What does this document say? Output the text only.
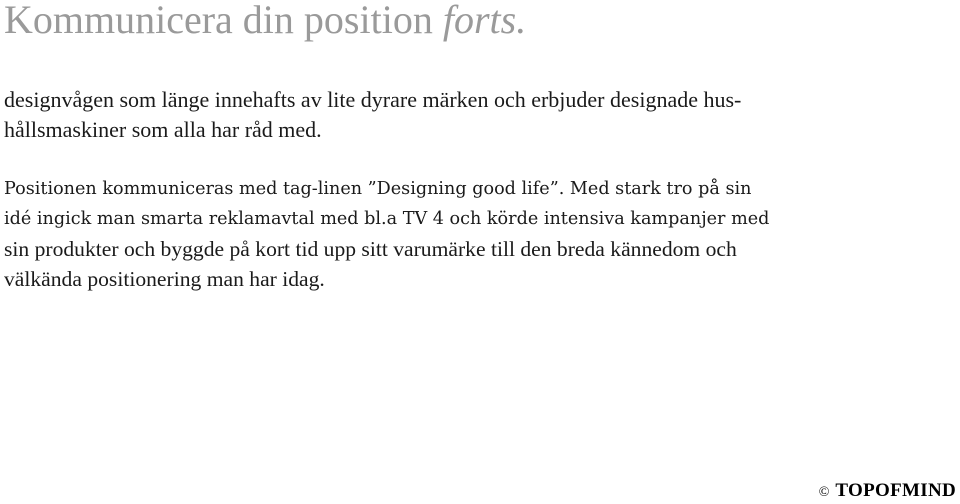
Kommunicera din position forts.
designvågen som länge innehafts av lite dyrare märken och erbjuder designade hus-
hållsmaskiner som alla har råd med.
Positionen kommuniceras med tag-linen ”Designing good life”. Med stark tro på sin
idé ingick man smarta reklamavtal med bl.a TV 4 och körde intensiva kampanjer med
sin produkter och byggde på kort tid upp sitt varumärke till den breda kännedom och
välkända positionering man har idag.
© TOPOFMIND
